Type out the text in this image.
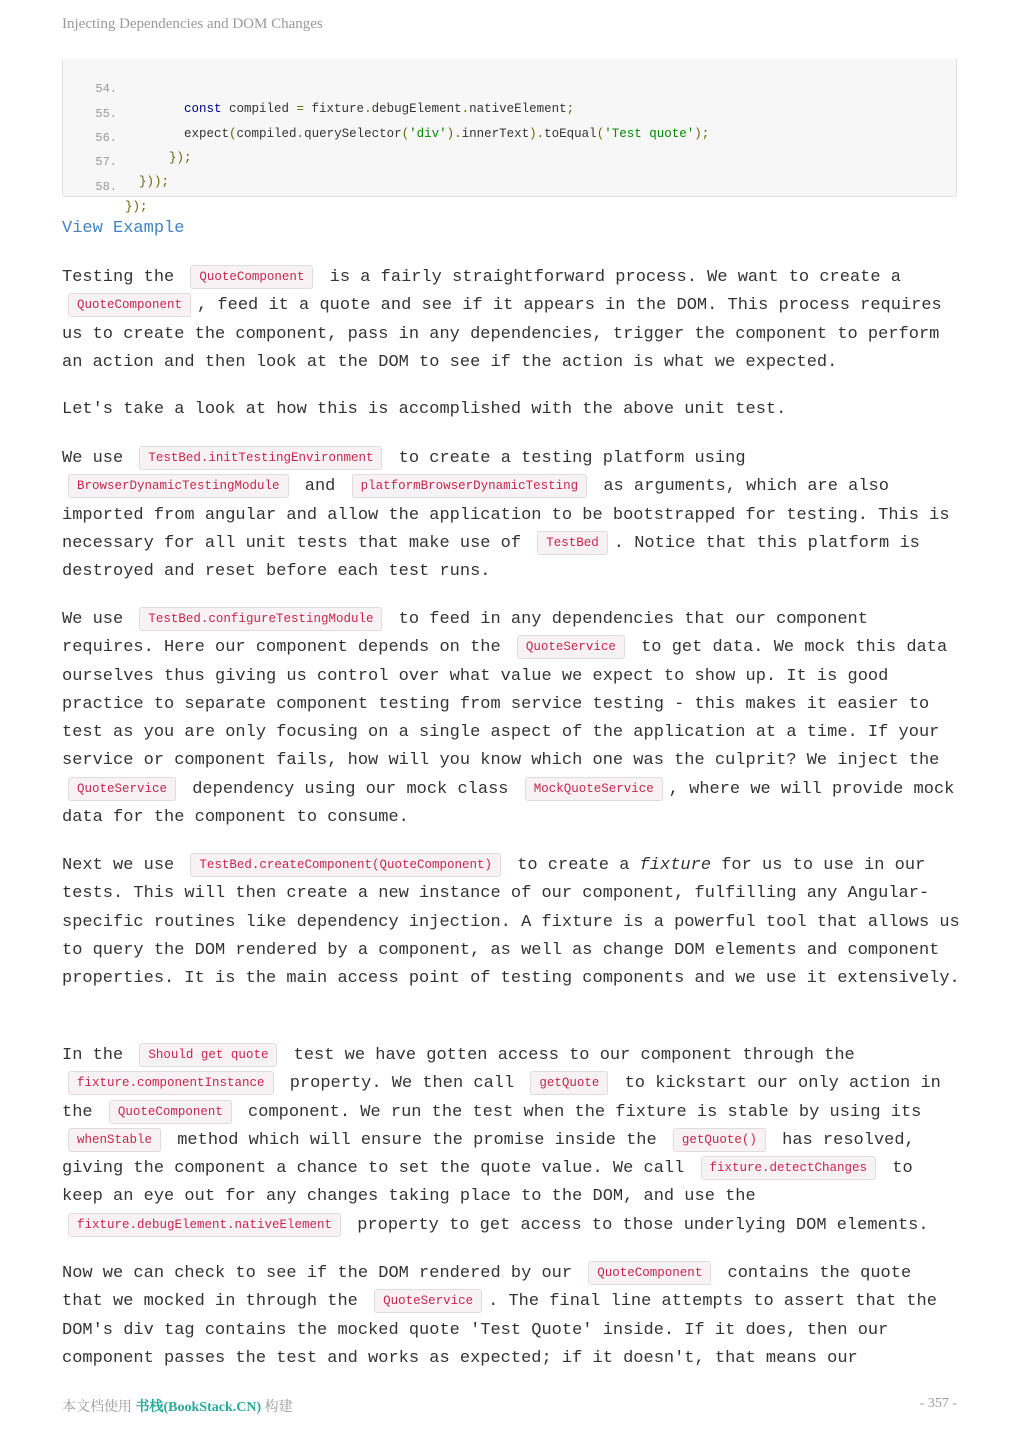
Injecting Dependencies and DOM Changes

54.

const compiled = fixture.debugElement.nativeElement;

55.

expect(compiled.querySelector('div').innerText).toEqual('Test quote');

56.

});

57.

}));

58.

});

View Example

Testing the QuoteComponent is a fairly straightforward process. We want to create a QuoteComponent , feed it a quote and see if it appears in the DOM. This process requires us to create the component, pass in any dependencies, trigger the component to perform an action and then look at the DOM to see if the action is what we expected.

Let's take a look at how this is accomplished with the above unit test.

We use TestBed.initTestingEnvironment to create a testing platform using BrowserDynamicTestingModule and platformBrowserDynamicTesting as arguments, which are also imported from angular and allow the application to be bootstrapped for testing. This is necessary for all unit tests that make use of TestBed . Notice that this platform is destroyed and reset before each test runs.

We use TestBed.configureTestingModule to feed in any dependencies that our component requires. Here our component depends on the QuoteService to get data. We mock this data ourselves thus giving us control over what value we expect to show up. It is good practice to separate component testing from service testing - this makes it easier to test as you are only focusing on a single aspect of the application at a time. If your service or component fails, how will you know which one was the culprit? We inject the QuoteService dependency using our mock class MockQuoteService , where we will provide mock data for the component to consume.

Next we use TestBed.createComponent(QuoteComponent) to create a fixture for us to use in our tests. This will then create a new instance of our component, fulfilling any Angular-specific routines like dependency injection. A fixture is a powerful tool that allows us to query the DOM rendered by a component, as well as change DOM elements and component properties. It is the main access point of testing components and we use it extensively.

In the Should get quote test we have gotten access to our component through the fixture.componentInstance property. We then call getQuote to kickstart our only action in the QuoteComponent component. We run the test when the fixture is stable by using its whenStable method which will ensure the promise inside the getQuote() has resolved, giving the component a chance to set the quote value. We call fixture.detectChanges to keep an eye out for any changes taking place to the DOM, and use the fixture.debugElement.nativeElement property to get access to those underlying DOM elements.

Now we can check to see if the DOM rendered by our QuoteComponent contains the quote that we mocked in through the QuoteService . The final line attempts to assert that the DOM's div tag contains the mocked quote 'Test Quote' inside. If it does, then our component passes the test and works as expected; if it doesn't, that means our

本文档使用 书栈(BookStack.CN) 构建	- 357 -
